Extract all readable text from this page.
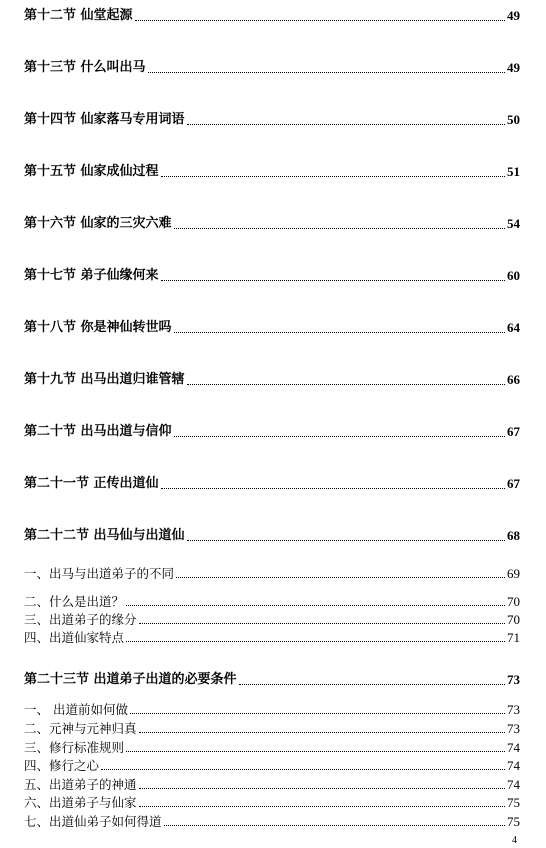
第十二节 仙堂起源	49
第十三节 什么叫出马	49
第十四节 仙家落马专用词语	50
第十五节 仙家成仙过程	51
第十六节 仙家的三灾六难	54
第十七节 弟子仙缘何来	60
第十八节 你是神仙转世吗	64
第十九节 出马出道归谁管辖	66
第二十节 出马出道与信仰	67
第二十一节 正传出道仙	67
第二十二节 出马仙与出道仙	68
一、出马与出道弟子的不同	69
二、什么是出道？	70
三、出道弟子的缘分	70
四、出道仙家特点	71
第二十三节 出道弟子出道的必要条件	73
一、 出道前如何做	73
二、元神与元神归真	73
三、修行标准规则	74
四、修行之心	74
五、出道弟子的神通	74
六、出道弟子与仙家	75
七、出道仙弟子如何得道	75
4
